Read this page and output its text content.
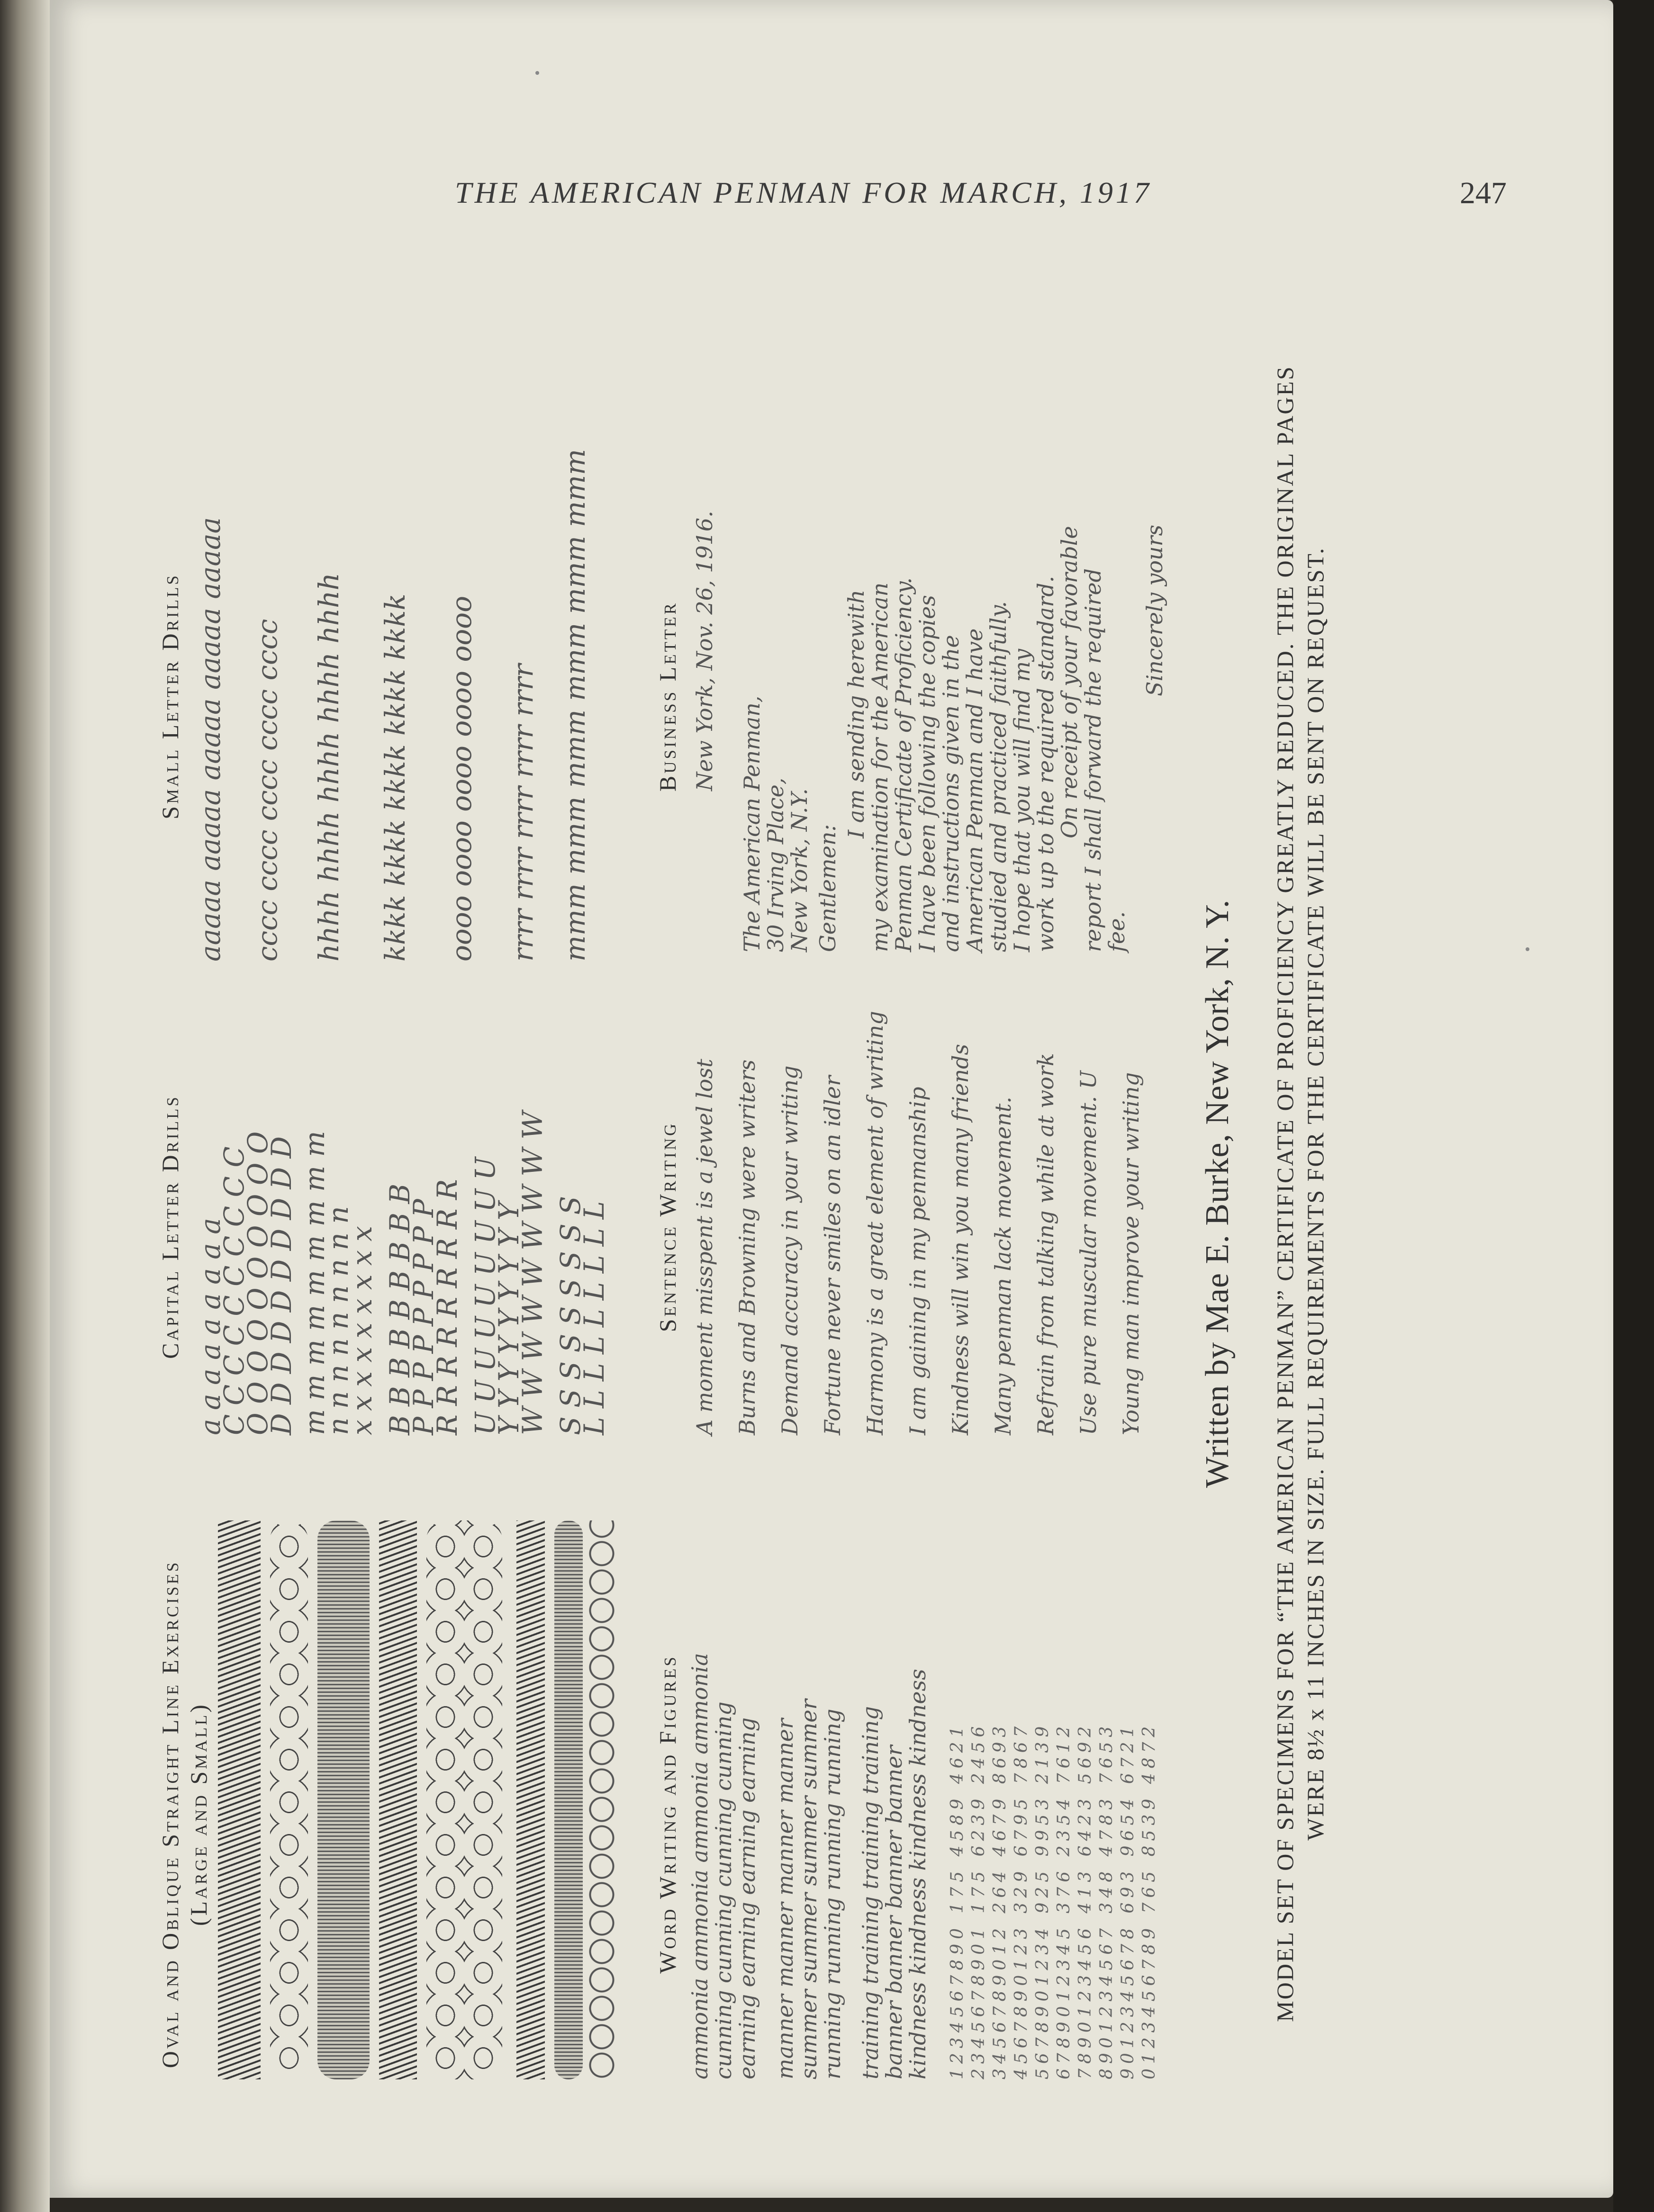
THE AMERICAN PENMAN FOR MARCH, 1917	247
Oval and Oblique Straight Line Exercises (Large and Small)
Capital Letter Drills a a a a a a a a a
C C C C C C C C C C
O O O O O O O O O O
D D D D D D D D D D m m m m m m m m m
n n n n n n n n n
x x x x x x x x x B B B B B B B B B
P P P P P P P P P
R R R R R R R R R U U U U U U U U U
Y Y Y Y Y Y Y Y Y
W W W W W W W W W S S S S S S S S S
L L L L L L L L L
Small Letter Drills aaaaa aaaaa aaaaa aaaaa aaaaa cccc cccc cccc cccc cccc hhhh hhhh hhhh hhhh hhhh kkkk kkkk kkkk kkkk kkkk oooo oooo oooo oooo oooo rrrr rrrr rrrr rrrr rrrr mmm mmm mmm mmm mmm mmm
Word Writing and Figures ammonia ammonia ammonia ammonia
cunning cunning cunning cunning
earning earning earning earning manner manner manner manner
summer summer summer summer
running running running running training training training training
banner banner banner banner
kindness kindness kindness kindness 1234567890 175 4589 4621 2345678901 175 6239 2456 3456789012 264 4679 8693 4567890123 329 6795 7867 5678901234 925 9953 2139 6789012345 376 2354 7612 7890123456 413 6423 5692 8901234567 348 4783 7653 9012345678 693 9654 6721 0123456789 765 8539 4872
Sentence Writing A moment misspent is a jewel lost Burns and Browning were writers Demand accuracy in your writing Fortune never smiles on an idler Harmony is a great element of writing I am gaining in my penmanship Kindness will win you many friends Many penman lack movement. Refrain from talking while at work Use pure muscular movement. U Young man improve your writing
Business Letter New York, Nov. 26, 1916.
The American Penman,
30 Irving Place,
New York, N.Y. Gentlemen:
I am sending herewith
my examination for the American
Penman Certificate of Proficiency.
I have been following the copies
and instructions given in the
American Penman and I have
studied and practiced faithfully.
I hope that you will find my
work up to the required standard.
On receipt of your favorable
report I shall forward the required
fee.
Sincerely yours
Written by Mae E. Burke, New York, N. Y. MODEL SET OF SPECIMENS FOR “THE AMERICAN PENMAN” CERTIFICATE OF PROFICIENCY GREATLY REDUCED. THE ORIGINAL PAGES WERE 8½ x 11 INCHES IN SIZE. FULL REQUIREMENTS FOR THE CERTIFICATE WILL BE SENT ON REQUEST.
